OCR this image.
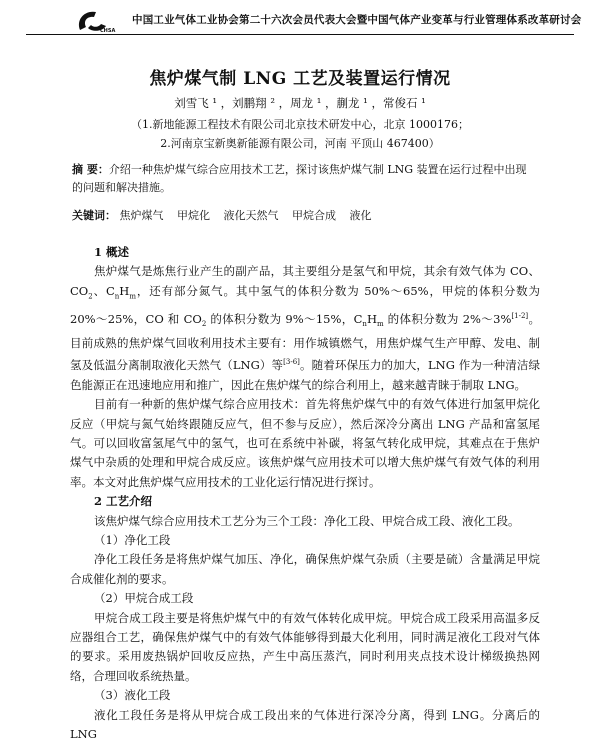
CHSA
中国工业气体工业协会第二十六次会员代表大会暨中国气体产业变革与行业管理体系改革研讨会
焦炉煤气制 LNG 工艺及装置运行情况
刘雪飞 ¹ ，刘鹏翔 ² ，周龙 ¹ ，蒯龙 ¹ ，常俊石 ¹
（1.新地能源工程技术有限公司北京技术研发中心，北京 1000176；
2.河南京宝新奥新能源有限公司，河南 平顶山 467400）
摘 要：介绍一种焦炉煤气综合应用技术工艺，探讨该焦炉煤气制 LNG 装置在运行过程中出现的问题和解决措施。
关键词： 焦炉煤气 甲烷化 液化天然气 甲烷合成 液化
1 概述

焦炉煤气是炼焦行业产生的副产品，其主要组分是氢气和甲烷，其余有效气体为 CO、$CO_2$、$C_nH_m$，还有部分氮气。其中氢气的体积分数为 50%～65%，甲烷的体积分数为 20%～25%，CO 和 $CO_2$ 的体积分数为 9%～15%，$C_nH_m$ 的体积分数为 2%～3%[1-2]。目前成熟的焦炉煤气回收利用技术主要有：用作城镇燃气，用焦炉煤气生产甲醇、发电、制氢及低温分离制取液化天然气（LNG）等[3-6]。随着环保压力的加大，LNG 作为一种清洁绿色能源正在迅速地应用和推广，因此在焦炉煤气的综合利用上，越来越青睐于制取 LNG。

目前有一种新的焦炉煤气综合应用技术：首先将焦炉煤气中的有效气体进行加氢甲烷化反应（甲烷与氮气始终跟随反应气，但不参与反应），然后深冷分离出 LNG 产品和富氢尾气。可以回收富氢尾气中的氢气，也可在系统中补碳，将氢气转化成甲烷，其难点在于焦炉煤气中杂质的处理和甲烷合成反应。该焦炉煤气应用技术可以增大焦炉煤气有效气体的利用率。本文对此焦炉煤气应用技术的工业化运行情况进行探讨。

2 工艺介绍

该焦炉煤气综合应用技术工艺分为三个工段：净化工段、甲烷合成工段、液化工段。

（1）净化工段

净化工段任务是将焦炉煤气加压、净化，确保焦炉煤气杂质（主要是硫）含量满足甲烷合成催化剂的要求。

（2）甲烷合成工段

甲烷合成工段主要是将焦炉煤气中的有效气体转化成甲烷。甲烷合成工段采用高温多反应器组合工艺，确保焦炉煤气中的有效气体能够得到最大化利用，同时满足液化工段对气体的要求。采用废热锅炉回收反应热，产生中高压蒸汽，同时利用夹点技术设计梯级换热网络，合理回收系统热量。

（3）液化工段

液化工段任务是将从甲烷合成工段出来的气体进行深冷分离，得到 LNG。分离后的 LNG
